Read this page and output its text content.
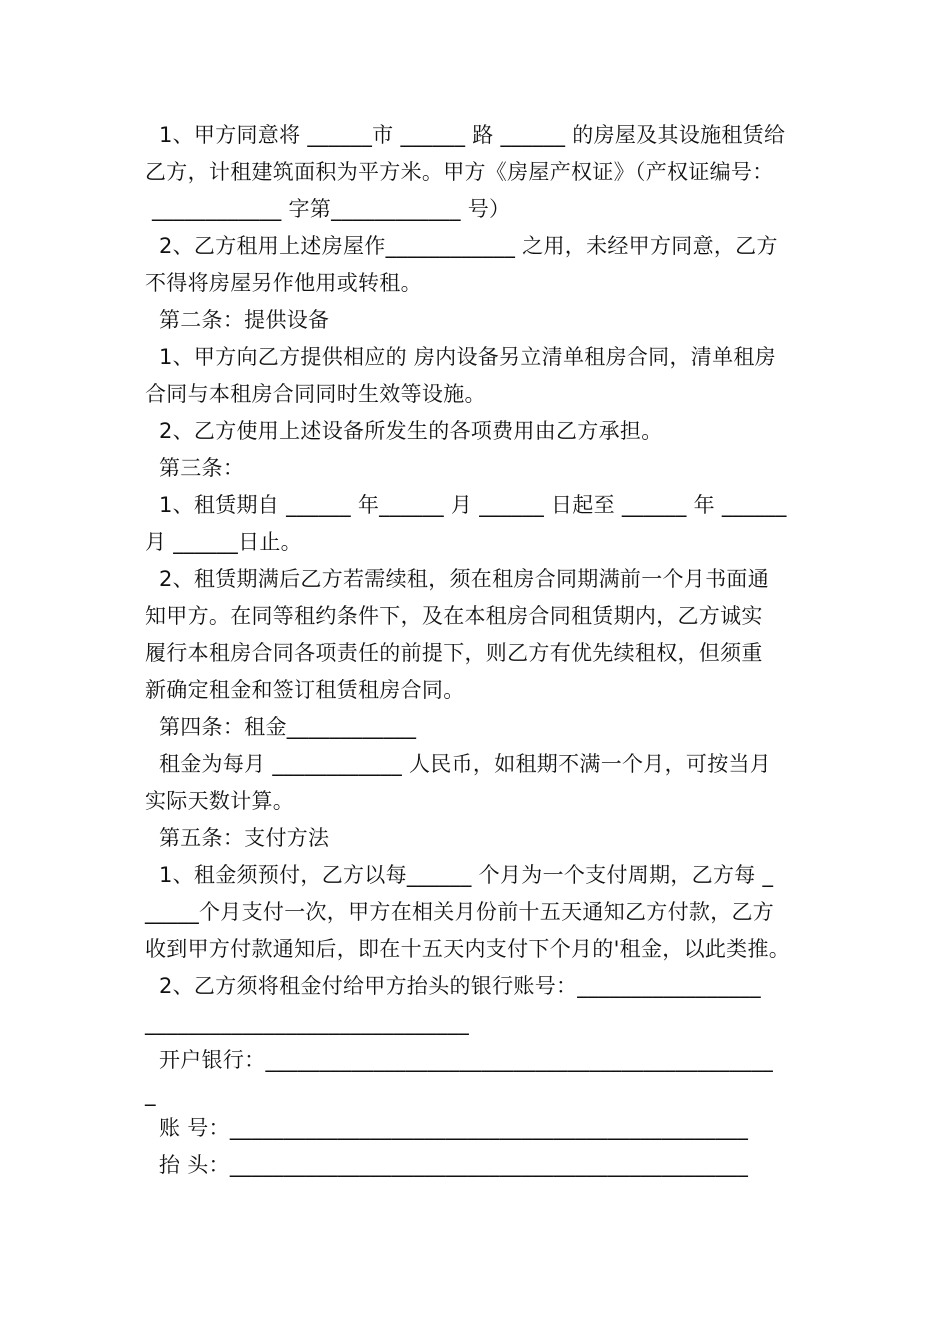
1、甲方同意将 ______市 ______ 路 ______ 的房屋及其设施租赁给
乙方，计租建筑面积为平方米。甲方《房屋产权证》（产权证编号：
____________ 字第____________ 号）
2、乙方租用上述房屋作____________ 之用，未经甲方同意，乙方
不得将房屋另作他用或转租。
第二条：提供设备
1、甲方向乙方提供相应的 房内设备另立清单租房合同，清单租房
合同与本租房合同同时生效等设施。
2、乙方使用上述设备所发生的各项费用由乙方承担。
第三条：
1、租赁期自 ______ 年______ 月 ______ 日起至 ______ 年 ______
月 ______日止。
2、租赁期满后乙方若需续租，须在租房合同期满前一个月书面通
知甲方。在同等租约条件下，及在本租房合同租赁期内，乙方诚实
履行本租房合同各项责任的前提下，则乙方有优先续租权，但须重
新确定租金和签订租赁租房合同。
第四条：租金____________
租金为每月 ____________ 人民币，如租期不满一个月，可按当月
实际天数计算。
第五条：支付方法
1、租金须预付，乙方以每______ 个月为一个支付周期，乙方每 _
_____个月支付一次，甲方在相关月份前十五天通知乙方付款，乙方
收到甲方付款通知后，即在十五天内支付下个月的'租金，以此类推。
2、乙方须将租金付给甲方抬头的银行账号：_________________
______________________________
开户银行：_______________________________________________
_
账 号：________________________________________________
抬 头：________________________________________________
